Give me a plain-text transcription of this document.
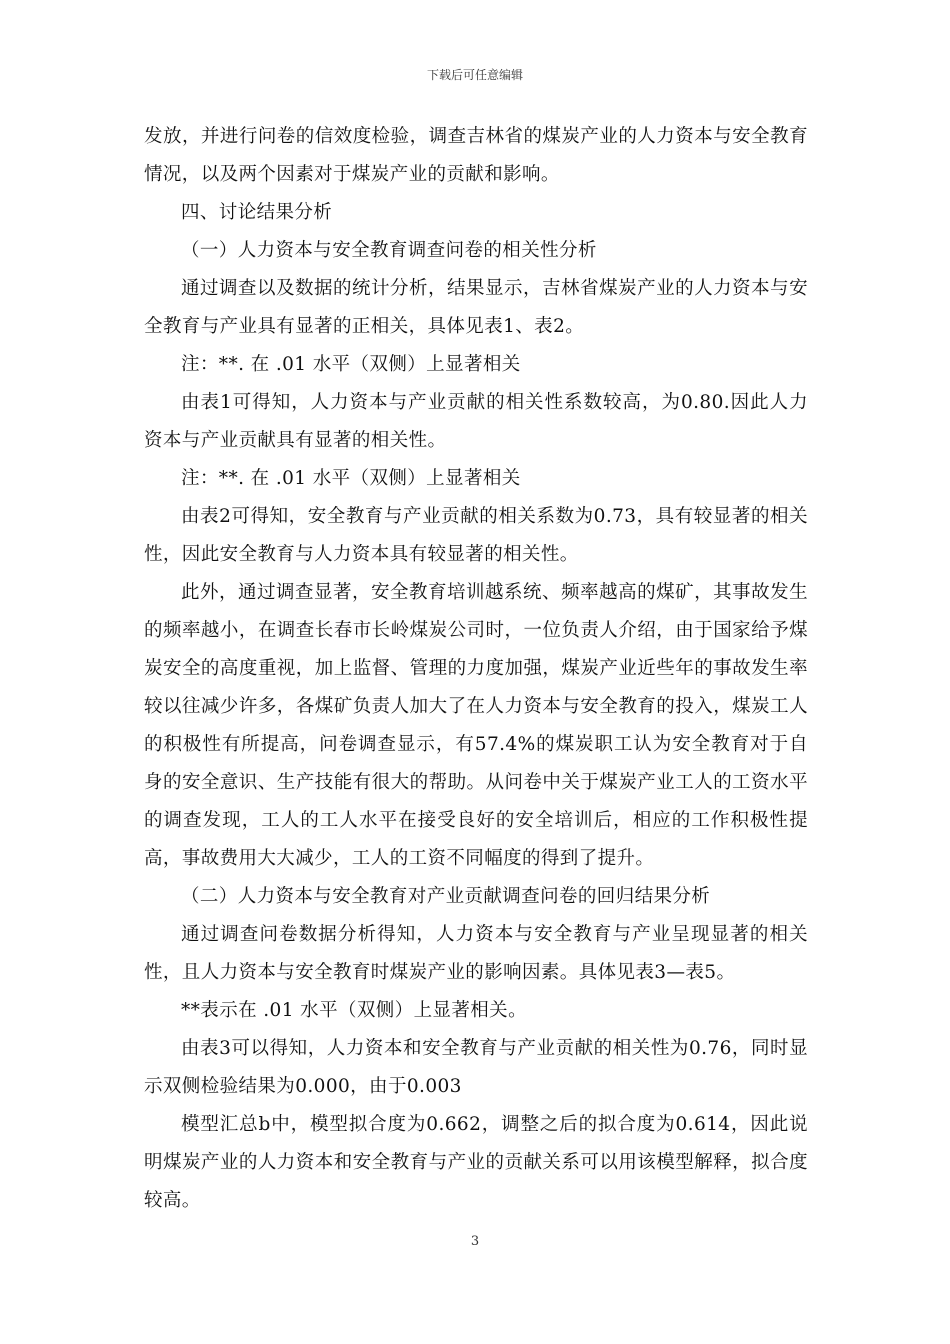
下载后可任意编辑

发放，并进行问卷的信效度检验，调查吉林省的煤炭产业的人力资本与安全教育情况，以及两个因素对于煤炭产业的贡献和影响。

四、讨论结果分析

（一）人力资本与安全教育调查问卷的相关性分析

通过调查以及数据的统计分析，结果显示，吉林省煤炭产业的人力资本与安全教育与产业具有显著的正相关，具体见表1、表2。

注：**. 在 .01 水平（双侧）上显著相关

由表1可得知，人力资本与产业贡献的相关性系数较高，为0.80.因此人力资本与产业贡献具有显著的相关性。

注：**. 在 .01 水平（双侧）上显著相关

由表2可得知，安全教育与产业贡献的相关系数为0.73，具有较显著的相关性，因此安全教育与人力资本具有较显著的相关性。

此外，通过调查显著，安全教育培训越系统、频率越高的煤矿，其事故发生的频率越小，在调查长春市长岭煤炭公司时，一位负责人介绍，由于国家给予煤炭安全的高度重视，加上监督、管理的力度加强，煤炭产业近些年的事故发生率较以往减少许多，各煤矿负责人加大了在人力资本与安全教育的投入，煤炭工人的积极性有所提高，问卷调查显示，有57.4%的煤炭职工认为安全教育对于自身的安全意识、生产技能有很大的帮助。从问卷中关于煤炭产业工人的工资水平的调查发现，工人的工人水平在接受良好的安全培训后，相应的工作积极性提高，事故费用大大减少，工人的工资不同幅度的得到了提升。

（二）人力资本与安全教育对产业贡献调查问卷的回归结果分析

通过调查问卷数据分析得知，人力资本与安全教育与产业呈现显著的相关性，且人力资本与安全教育时煤炭产业的影响因素。具体见表3—表5。

**表示在 .01 水平（双侧）上显著相关。

由表3可以得知，人力资本和安全教育与产业贡献的相关性为0.76，同时显示双侧检验结果为0.000，由于0.003

模型汇总b中，模型拟合度为0.662，调整之后的拟合度为0.614，因此说明煤炭产业的人力资本和安全教育与产业的贡献关系可以用该模型解释，拟合度较高。

3
